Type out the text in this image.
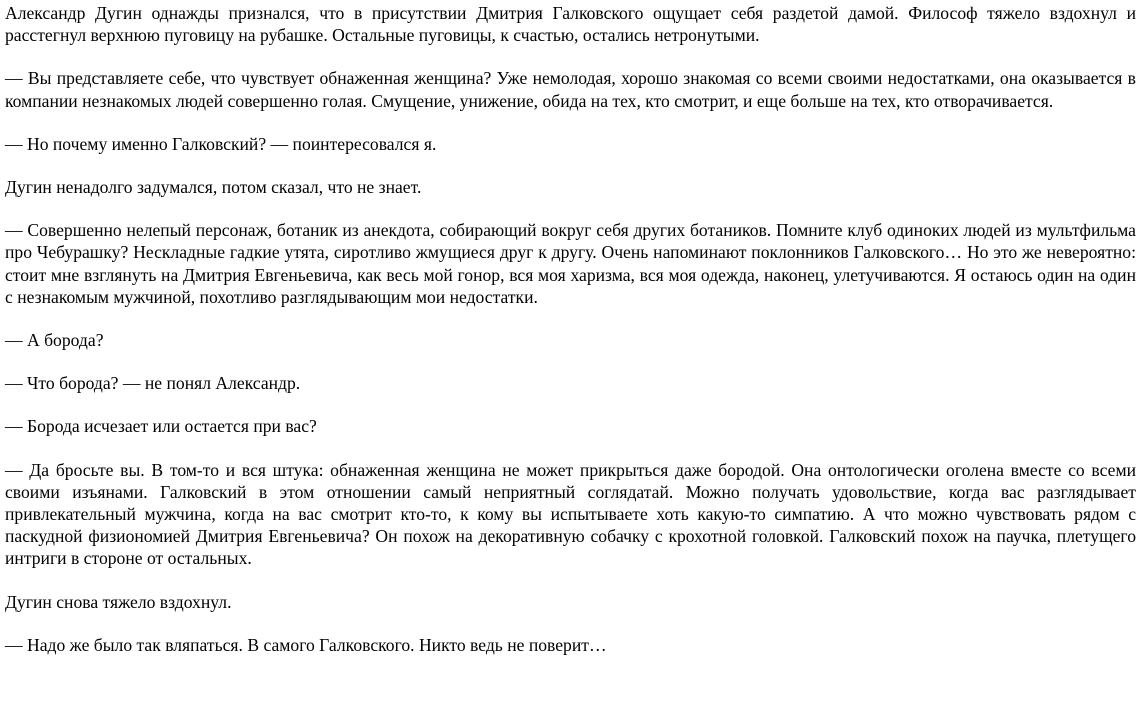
Александр Дугин однажды признался, что в присутствии Дмитрия Галковского ощущает себя раздетой дамой. Философ тяжело вздохнул и расстегнул верхнюю пуговицу на рубашке. Остальные пуговицы, к счастью, остались нетронутыми.

— Вы представляете себе, что чувствует обнаженная женщина? Уже немолодая, хорошо знакомая со всеми своими недостатками, она оказывается в компании незнакомых людей совершенно голая. Смущение, унижение, обида на тех, кто смотрит, и еще больше на тех, кто отворачивается.

— Но почему именно Галковский? — поинтересовался я.

Дугин ненадолго задумался, потом сказал, что не знает.

— Совершенно нелепый персонаж, ботаник из анекдота, собирающий вокруг себя других ботаников. Помните клуб одиноких людей из мультфильма про Чебурашку? Нескладные гадкие утята, сиротливо жмущиеся друг к другу. Очень напоминают поклонников Галковского… Но это же невероятно: стоит мне взглянуть на Дмитрия Евгеньевича, как весь мой гонор, вся моя харизма, вся моя одежда, наконец, улетучиваются. Я остаюсь один на один с незнакомым мужчиной, похотливо разглядывающим мои недостатки.

— А борода?

— Что борода? — не понял Александр.

— Борода исчезает или остается при вас?

— Да бросьте вы. В том-то и вся штука: обнаженная женщина не может прикрыться даже бородой. Она онтологически оголена вместе со всеми своими изъянами. Галковский в этом отношении самый неприятный соглядатай. Можно получать удовольствие, когда вас разглядывает привлекательный мужчина, когда на вас смотрит кто-то, к кому вы испытываете хоть какую-то симпатию. А что можно чувствовать рядом с паскудной физиономией Дмитрия Евгеньевича? Он похож на декоративную собачку с крохотной головкой. Галковский похож на паучка, плетущего интриги в стороне от остальных.

Дугин снова тяжело вздохнул.

— Надо же было так вляпаться. В самого Галковского. Никто ведь не поверит…
